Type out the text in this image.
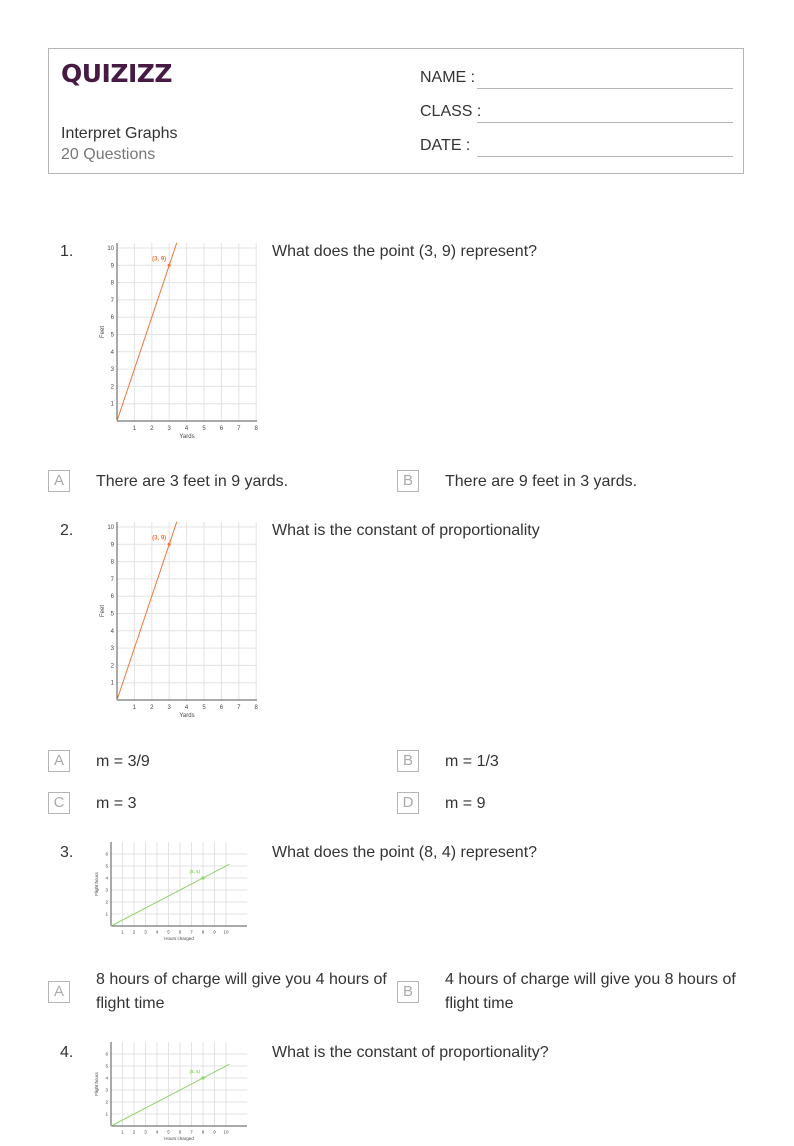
QUIZIZZ
Interpret Graphs
20 Questions
NAME :
CLASS :
DATE :
1.
1 2 3 4 5 6 7 8
1
2
3
4
5
6
7
8
9
10
Yards
Feet
(3, 9)	What does the point (3, 9) represent?
A	There are 3 feet in 9 yards.	B	There are 9 feet in 3 yards.
2.
1 2 3 4 5 6 7 8
1
2
3
4
5
6
7
8
9
10
Yards
Feet
(3, 9)	What is the constant of proportionality
A	m = 3/9	B	m = 1/3
C	m = 3	D	m = 9
3.
1 2 3 4 5 6 7 8 9 10
1
2
3
4
5
6
Hours charged
Flight hours
(8, 4)
What does the point (8, 4) represent?
A
8 hours of charge will give you 4 hours of flight time
B
4 hours of charge will give you 8 hours of flight time
4.
1 2 3 4 5 6 7 8 9 10
1
2
3
4
5
6
Hours charged
Flight hours
(8, 4)
What is the constant of proportionality?
